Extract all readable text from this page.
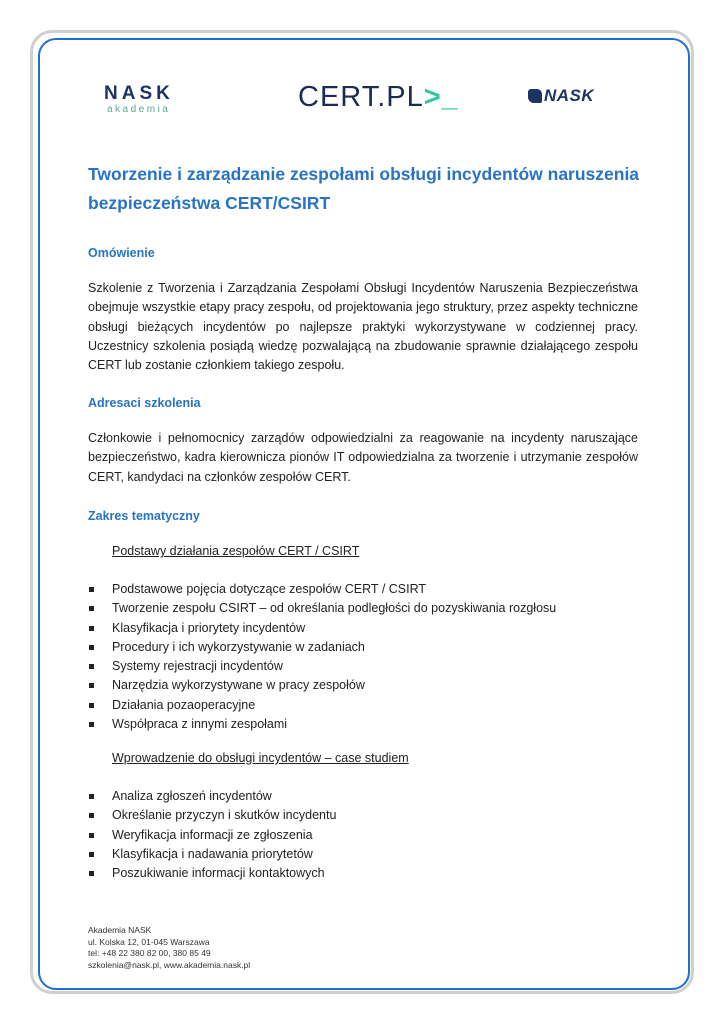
NASK
akademia	CERT.PL>_	NASK
Tworzenie i zarządzanie zespołami obsługi incydentów naruszenia bezpieczeństwa CERT/CSIRT
Omówienie

Szkolenie z Tworzenia i Zarządzania Zespołami Obsługi Incydentów Naruszenia Bezpieczeństwa obejmuje wszystkie etapy pracy zespołu, od projektowania jego struktury, przez aspekty techniczne obsługi bieżących incydentów po najlepsze praktyki wykorzystywane w codziennej pracy. Uczestnicy szkolenia posiądą wiedzę pozwalającą na zbudowanie sprawnie działającego zespołu CERT lub zostanie członkiem takiego zespołu.

Adresaci szkolenia

Członkowie i pełnomocnicy zarządów odpowiedzialni za reagowanie na incydenty naruszające bezpieczeństwo, kadra kierownicza pionów IT odpowiedzialna za tworzenie i utrzymanie zespołów CERT, kandydaci na członków zespołów CERT.

Zakres tematyczny

Podstawy działania zespołów CERT / CSIRT

Podstawowe pojęcia dotyczące zespołów CERT / CSIRT
Tworzenie zespołu CSIRT – od określania podległości do pozyskiwania rozgłosu
Klasyfikacja i priorytety incydentów
Procedury i ich wykorzystywanie w zadaniach
Systemy rejestracji incydentów
Narzędzia wykorzystywane w pracy zespołów
Działania pozaoperacyjne
Współpraca z innymi zespołami

Wprowadzenie do obsługi incydentów – case studiem

Analiza zgłoszeń incydentów
Określanie przyczyn i skutków incydentu
Weryfikacja informacji ze zgłoszenia
Klasyfikacja i nadawania priorytetów
Poszukiwanie informacji kontaktowych
Akademia NASK
ul. Kolska 12, 01-045 Warszawa
tel: +48 22 380 82 00, 380 85 49
szkolenia@nask.pl, www.akademia.nask.pl
